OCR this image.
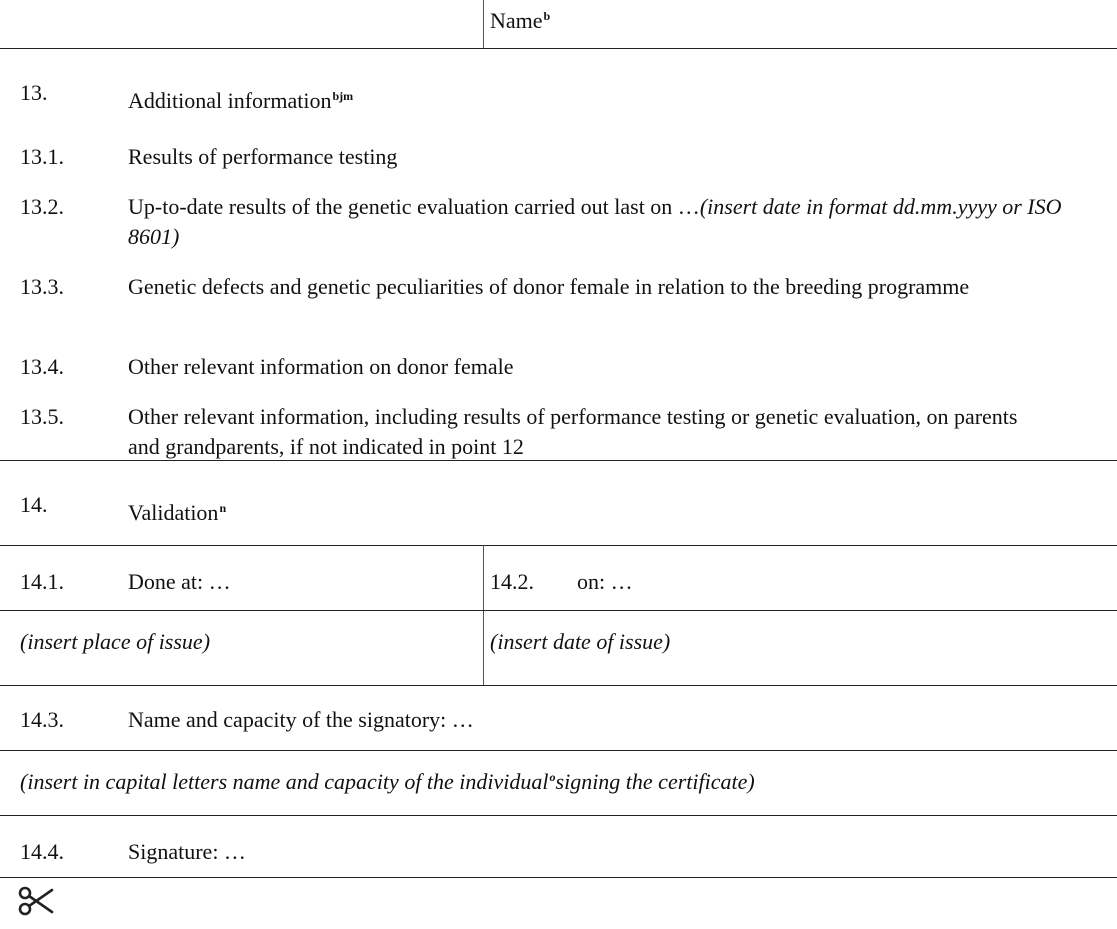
Name$^b$
13.	Additional information$^{bjm}$
13.1.	Results of performance testing
13.2.	Up-to-date results of the genetic evaluation carried out last on …(insert date in format dd.mm.yyyy or ISO 8601)
13.3.	Genetic defects and genetic peculiarities of donor female in relation to the breeding programme
13.4.	Other relevant information on donor female
13.5.	Other relevant information, including results of performance testing or genetic evaluation, on parents and grandparents, if not indicated in point 12
14.	Validation$^n$
14.1.	Done at: …	14.2. on: …
(insert place of issue)	(insert date of issue)
14.3.	Name and capacity of the signatory: …
(insert in capital letters name and capacity of the individual$^o$signing the certificate)
14.4.	Signature: …
